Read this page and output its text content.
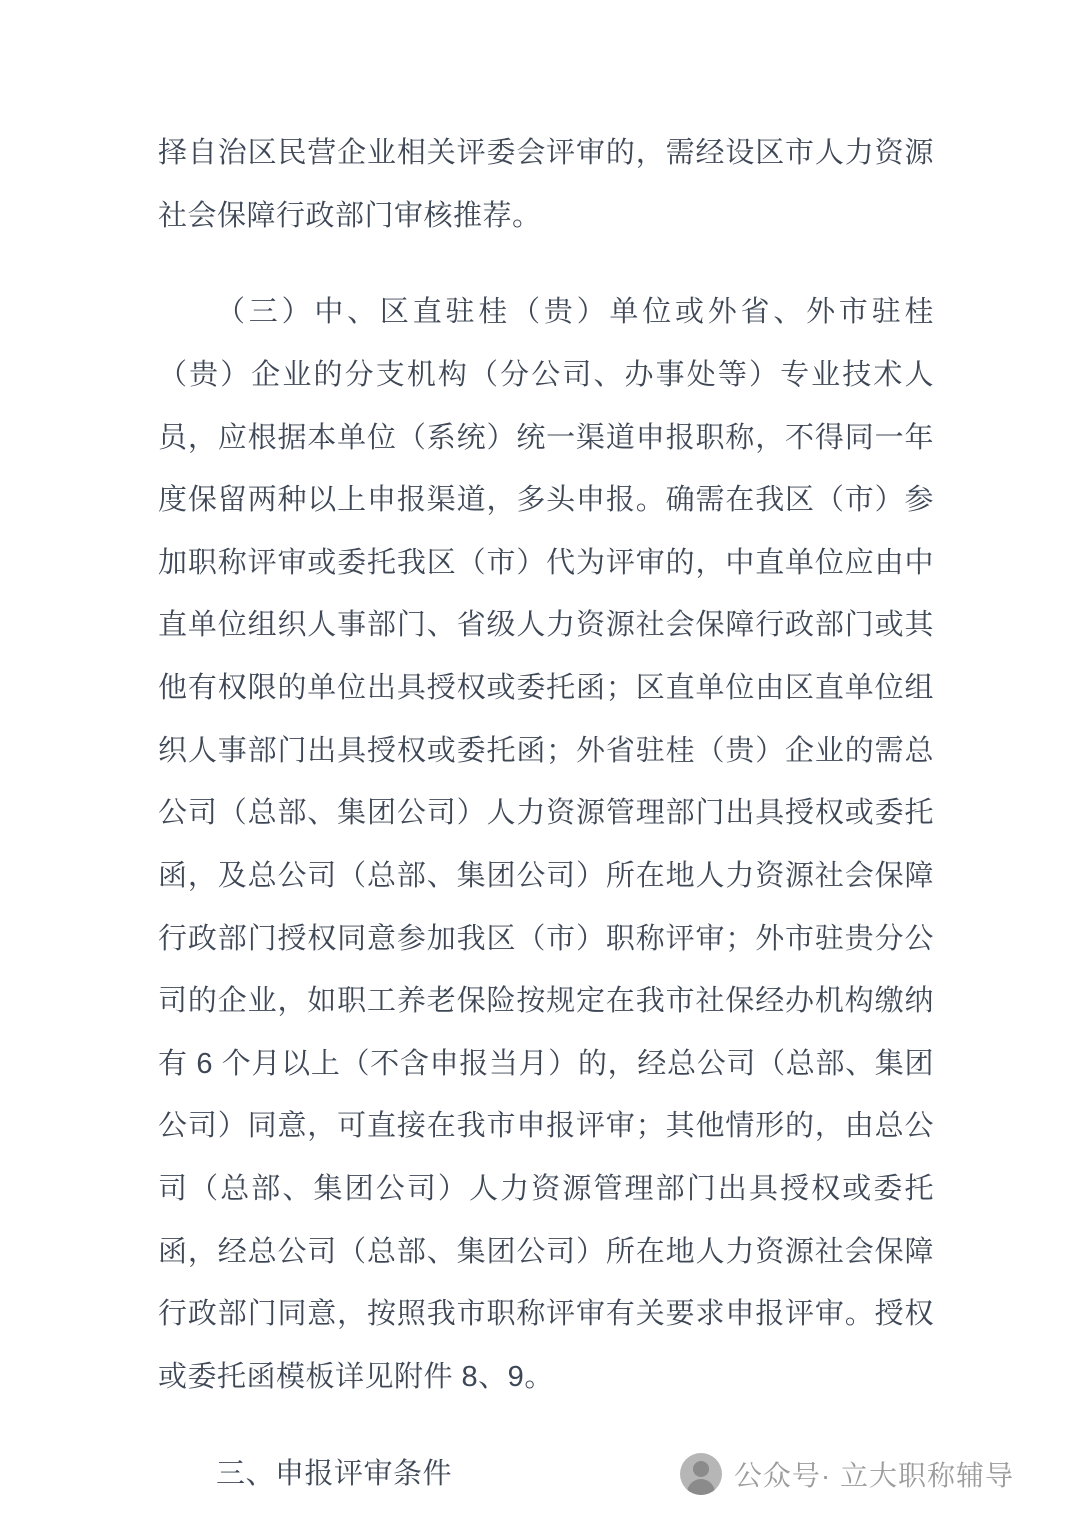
择自治区民营企业相关评委会评审的，需经设区市人力资源社会保障行政部门审核推荐。

（三）中、区直驻桂（贵）单位或外省、外市驻桂（贵）企业的分支机构（分公司、办事处等）专业技术人员，应根据本单位（系统）统一渠道申报职称，不得同一年度保留两种以上申报渠道，多头申报。确需在我区（市）参加职称评审或委托我区（市）代为评审的，中直单位应由中直单位组织人事部门、省级人力资源社会保障行政部门或其他有权限的单位出具授权或委托函；区直单位由区直单位组织人事部门出具授权或委托函；外省驻桂（贵）企业的需总公司（总部、集团公司）人力资源管理部门出具授权或委托函，及总公司（总部、集团公司）所在地人力资源社会保障行政部门授权同意参加我区（市）职称评审；外市驻贵分公司的企业，如职工养老保险按规定在我市社保经办机构缴纳有 6 个月以上（不含申报当月）的，经总公司（总部、集团公司）同意，可直接在我市申报评审；其他情形的，由总公司（总部、集团公司）人力资源管理部门出具授权或委托函，经总公司（总部、集团公司）所在地人力资源社会保障行政部门同意，按照我市职称评审有关要求申报评审。授权或委托函模板详见附件 8、9。

三、申报评审条件	公众号· 立大职称辅导
